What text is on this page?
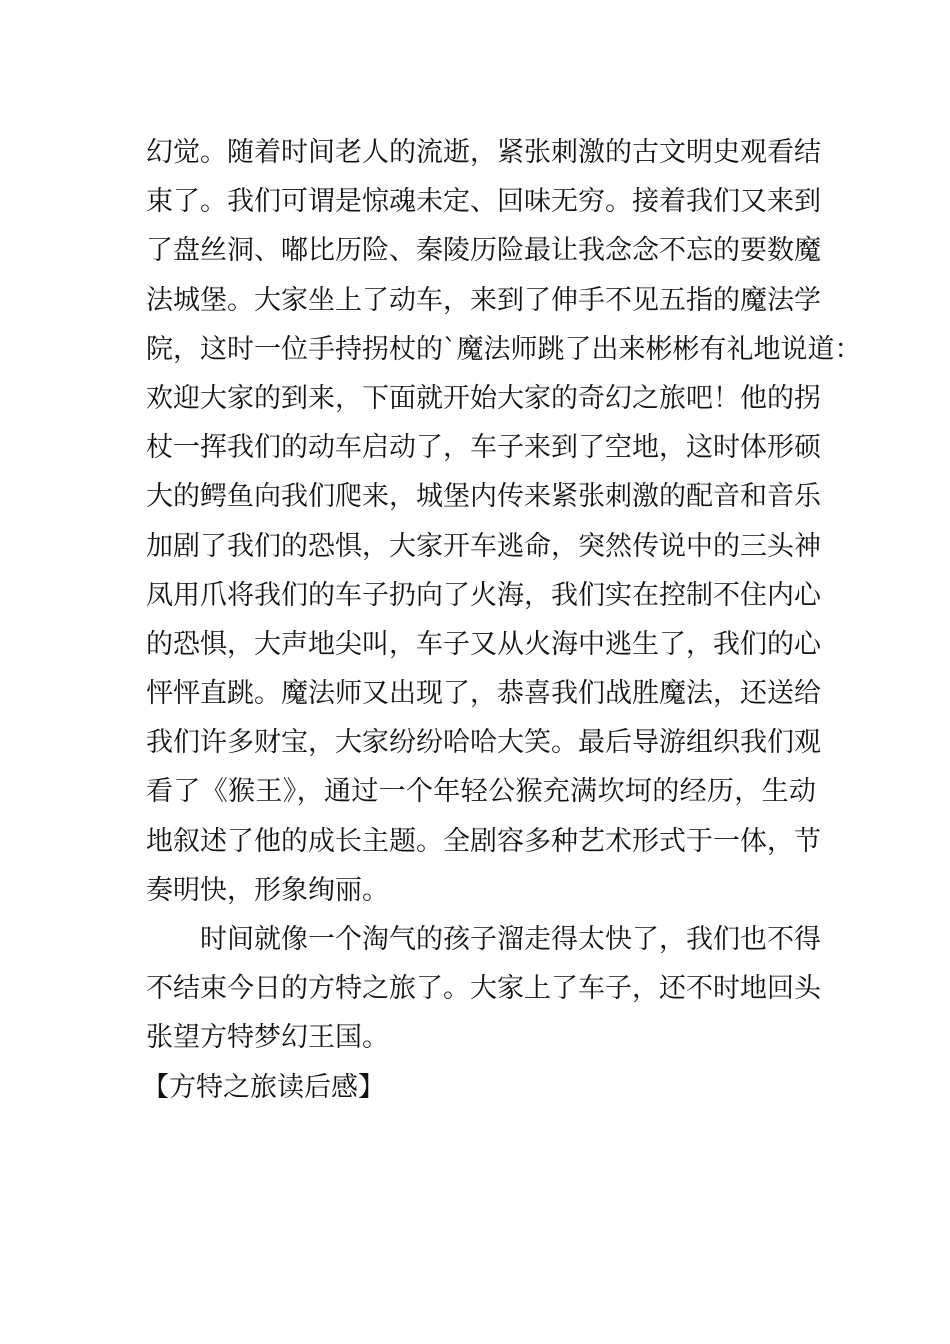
幻觉。随着时间老人的流逝，紧张刺激的古文明史观看结
束了。我们可谓是惊魂未定、回味无穷。接着我们又来到
了盘丝洞、嘟比历险、秦陵历险最让我念念不忘的要数魔
法城堡。大家坐上了动车，来到了伸手不见五指的魔法学
院，这时一位手持拐杖的`魔法师跳了出来彬彬有礼地说道：
欢迎大家的到来，下面就开始大家的奇幻之旅吧！他的拐
杖一挥我们的动车启动了，车子来到了空地，这时体形硕
大的鳄鱼向我们爬来，城堡内传来紧张刺激的配音和音乐
加剧了我们的恐惧，大家开车逃命，突然传说中的三头神
凤用爪将我们的车子扔向了火海，我们实在控制不住内心
的恐惧，大声地尖叫，车子又从火海中逃生了，我们的心
怦怦直跳。魔法师又出现了，恭喜我们战胜魔法，还送给
我们许多财宝，大家纷纷哈哈大笑。最后导游组织我们观
看了《猴王》，通过一个年轻公猴充满坎坷的经历，生动
地叙述了他的成长主题。全剧容多种艺术形式于一体，节
奏明快，形象绚丽。
时间就像一个淘气的孩子溜走得太快了，我们也不得
不结束今日的方特之旅了。大家上了车子，还不时地回头
张望方特梦幻王国。
【方特之旅读后感】
